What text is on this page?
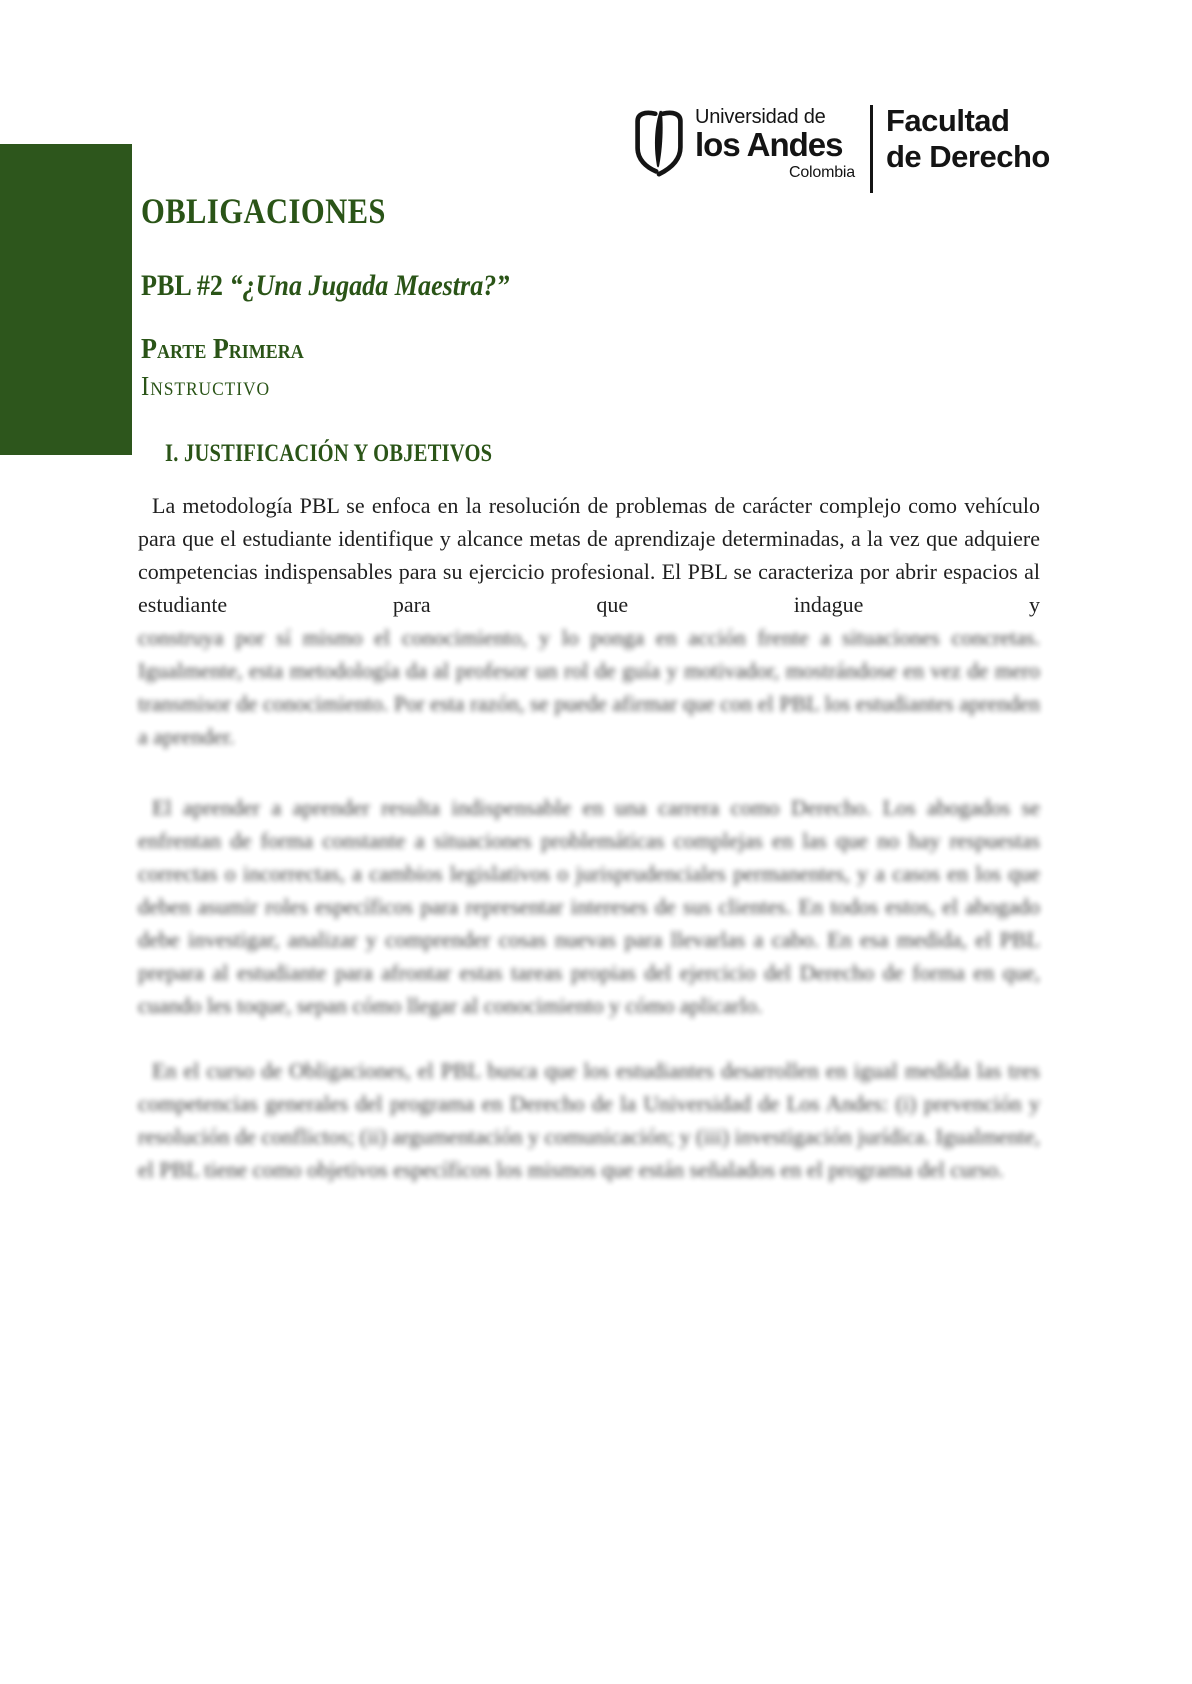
Universidad de
los Andes
Colombia
Facultad
de Derecho
OBLIGACIONES
PBL #2 “¿Una Jugada Maestra?”
Parte Primera
Instructivo
I. JUSTIFICACIÓN Y OBJETIVOS

La metodología PBL se enfoca en la resolución de problemas de carácter complejo como vehículo para que el estudiante identifique y alcance metas de aprendizaje determinadas, a la vez que adquiere competencias indispensables para su ejercicio profesional. El PBL se caracteriza por abrir espacios al estudiante para que indague y

construya por sí mismo el conocimiento, y lo ponga en acción frente a situaciones concretas. Igualmente, esta metodología da al profesor un rol de guía y motivador, mostrándose en vez de mero transmisor de conocimiento. Por esta razón, se puede afirmar que con el PBL los estudiantes aprenden a aprender.

El aprender a aprender resulta indispensable en una carrera como Derecho. Los abogados se enfrentan de forma constante a situaciones problemáticas complejas en las que no hay respuestas correctas o incorrectas, a cambios legislativos o jurisprudenciales permanentes, y a casos en los que deben asumir roles específicos para representar intereses de sus clientes. En todos estos, el abogado debe investigar, analizar y comprender cosas nuevas para llevarlas a cabo. En esa medida, el PBL prepara al estudiante para afrontar estas tareas propias del ejercicio del Derecho de forma en que, cuando les toque, sepan cómo llegar al conocimiento y cómo aplicarlo.

En el curso de Obligaciones, el PBL busca que los estudiantes desarrollen en igual medida las tres competencias generales del programa en Derecho de la Universidad de Los Andes: (i) prevención y resolución de conflictos; (ii) argumentación y comunicación; y (iii) investigación jurídica. Igualmente, el PBL tiene como objetivos específicos los mismos que están señalados en el programa del curso.
